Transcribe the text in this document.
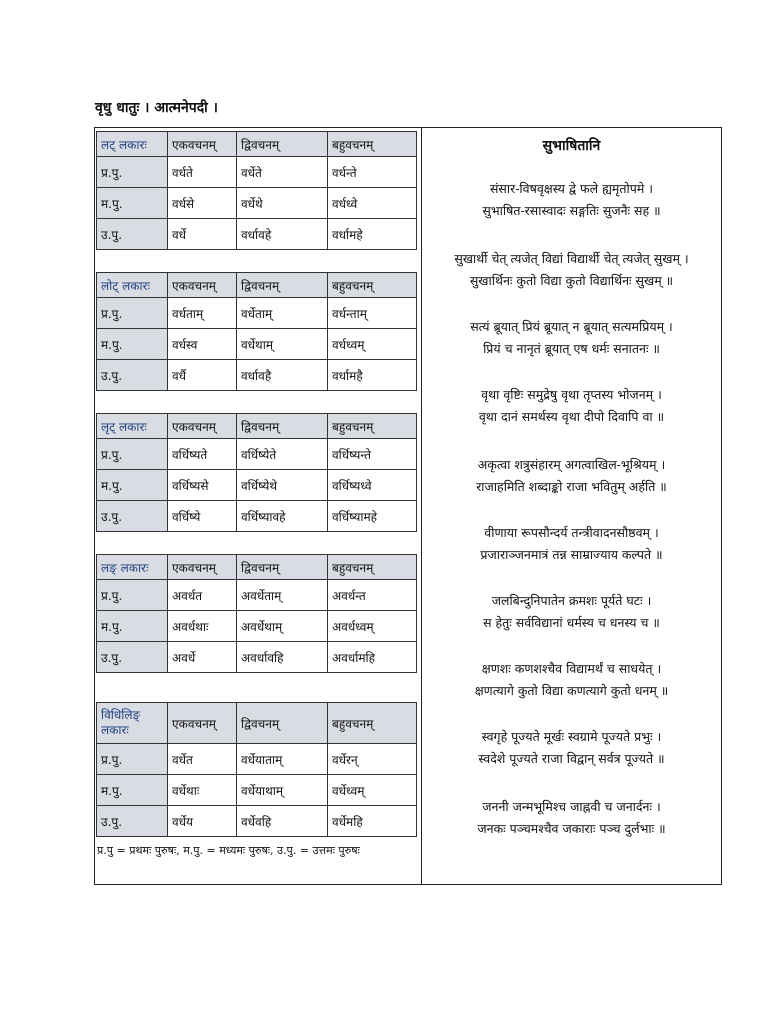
वृधु धातुः । आत्मनेपदी ।
लट् लकारः	एकवचनम्	द्विवचनम्	बहुवचनम्
प्र.पु.	वर्धते	वर्धेते	वर्धन्ते
म.पु.	वर्धसे	वर्धेथे	वर्धध्वे
उ.पु.	वर्धे	वर्धावहे	वर्धामहे
लोट् लकारः	एकवचनम्	द्विवचनम्	बहुवचनम्
प्र.पु.	वर्धताम्	वर्धेताम्	वर्धन्ताम्
म.पु.	वर्धस्व	वर्धेथाम्	वर्धध्वम्
उ.पु.	वर्धै	वर्धावहै	वर्धामहै
लृट् लकारः	एकवचनम्	द्विवचनम्	बहुवचनम्
प्र.पु.	वर्धिष्यते	वर्धिष्येते	वर्धिष्यन्ते
म.पु.	वर्धिष्यसे	वर्धिष्येथे	वर्धिष्यध्वे
उ.पु.	वर्धिष्ये	वर्धिष्यावहे	वर्धिष्यामहे
लङ् लकारः	एकवचनम्	द्विवचनम्	बहुवचनम्
प्र.पु.	अवर्धत	अवर्धेताम्	अवर्धन्त
म.पु.	अवर्धथाः	अवर्धेथाम्	अवर्धध्वम्
उ.पु.	अवर्धे	अवर्धावहि	अवर्धामहि
विधिलिङ् लकारः	एकवचनम्	द्विवचनम्	बहुवचनम्
प्र.पु.	वर्धेत	वर्धेयाताम्	वर्धेरन्
म.पु.	वर्धेथाः	वर्धेयाथाम्	वर्धेध्वम्
उ.पु.	वर्धेय	वर्धेवहि	वर्धेमहि
प्र.पु = प्रथमः पुरुषः, म.पु. = मध्यमः पुरुषः, उ.पु. = उत्तमः पुरुषः
सुभाषितानि
संसार-विषवृक्षस्य द्वे फले ह्यमृतोपमे ।
सुभाषित-रसास्वादः सङ्गतिः सुजनैः सह ॥
सुखार्थी चेत् त्यजेत् विद्यां विद्यार्थी चेत् त्यजेत् सुखम् ।
सुखार्थिनः कुतो विद्या कुतो विद्यार्थिनः सुखम् ॥
सत्यं ब्रूयात् प्रियं ब्रूयात् न ब्रूयात् सत्यमप्रियम् ।
प्रियं च नानृतं ब्रूयात् एष धर्मः सनातनः ॥
वृथा वृष्टिः समुद्रेषु वृथा तृप्तस्य भोजनम् ।
वृथा दानं समर्थस्य वृथा दीपो दिवापि वा ॥
अकृत्वा शत्रुसंहारम् अगत्वाखिल-भूश्रियम् ।
राजाहमिति शब्दाङ्को राजा भवितुम् अर्हति ॥
वीणाया रूपसौन्दर्य तन्त्रीवादनसौष्ठवम् ।
प्रजाराञ्जनमात्रं तन्न साम्राज्याय कल्पते ॥
जलबिन्दुनिपातेन क्रमशः पूर्यते घटः ।
स हेतुः सर्वविद्यानां धर्मस्य च धनस्य च ॥
क्षणशः कणशश्चैव विद्यामर्थं च साधयेत् ।
क्षणत्यागे कुतो विद्या कणत्यागे कुतो धनम् ॥
स्वगृहे पूज्यते मूर्खः स्वग्रामे पूज्यते प्रभुः ।
स्वदेशे पूज्यते राजा विद्वान् सर्वत्र पूज्यते ॥
जननी जन्मभूमिश्च जाह्नवी च जनार्दनः ।
जनकः पञ्चमश्चैव जकाराः पञ्च दुर्लभाः ॥
